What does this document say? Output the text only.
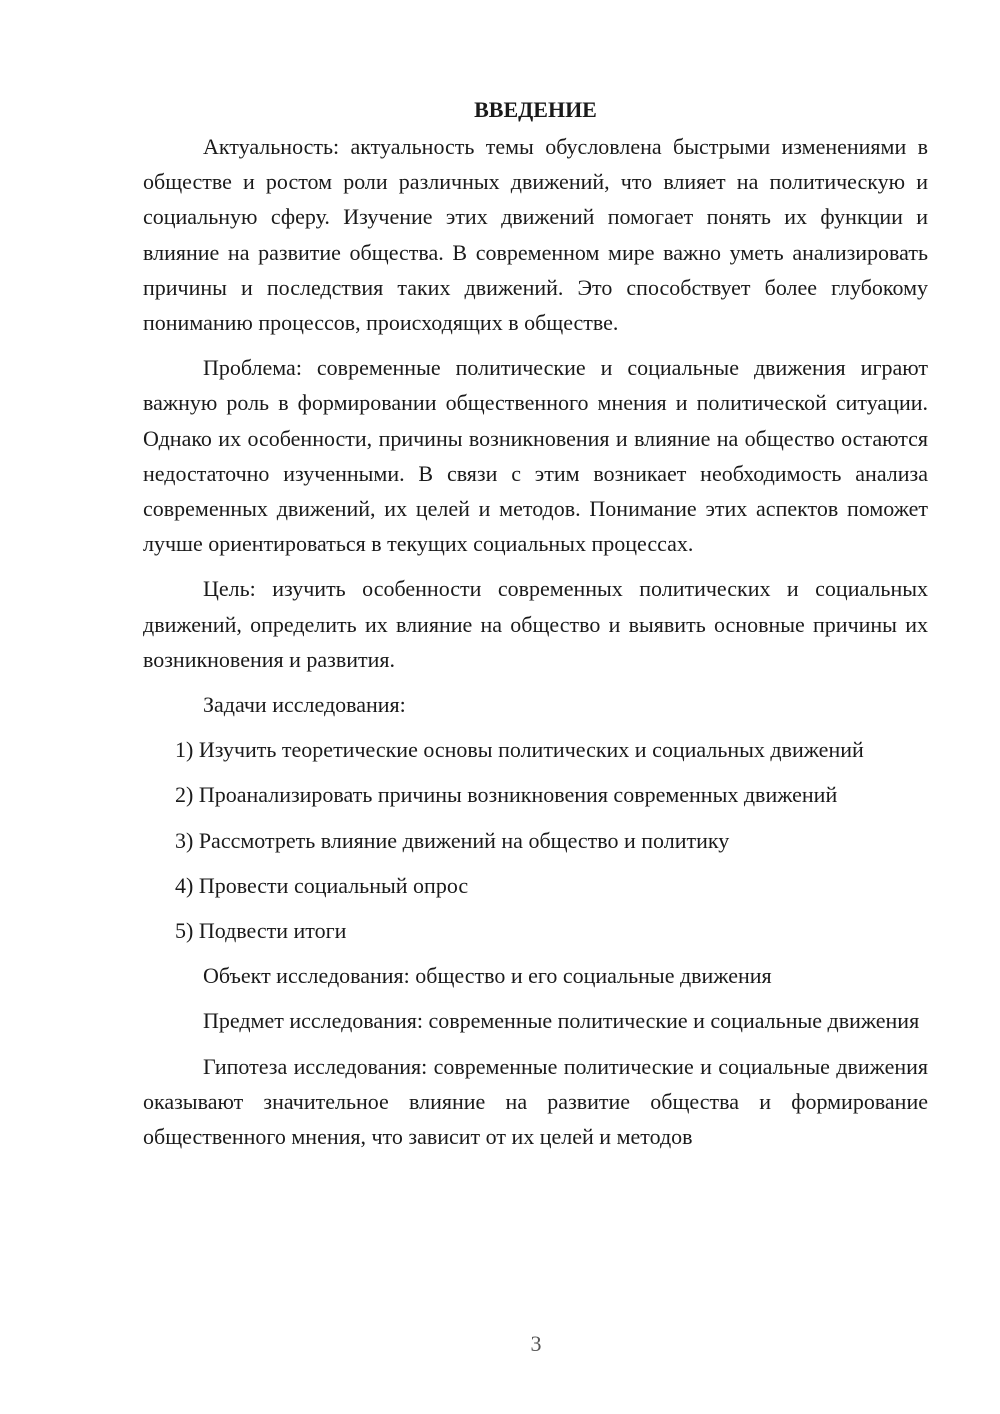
ВВЕДЕНИЕ

Актуальность: актуальность темы обусловлена быстрыми изменениями в обществе и ростом роли различных движений, что влияет на политическую и социальную сферу. Изучение этих движений помогает понять их функции и влияние на развитие общества. В современном мире важно уметь анализировать причины и последствия таких движений. Это способствует более глубокому пониманию процессов, происходящих в обществе.

Проблема: современные политические и социальные движения играют важную роль в формировании общественного мнения и политической ситуации. Однако их особенности, причины возникновения и влияние на общество остаются недостаточно изученными. В связи с этим возникает необходимость анализа современных движений, их целей и методов. Понимание этих аспектов поможет лучше ориентироваться в текущих социальных процессах.

Цель: изучить особенности современных политических и социальных движений, определить их влияние на общество и выявить основные причины их возникновения и развития.

Задачи исследования:

1) Изучить теоретические основы политических и социальных движений

2) Проанализировать причины возникновения современных движений

3) Рассмотреть влияние движений на общество и политику

4) Провести социальный опрос

5) Подвести итоги

Объект исследования: общество и его социальные движения

Предмет исследования: современные политические и социальные движения

Гипотеза исследования: современные политические и социальные движения оказывают значительное влияние на развитие общества и формирование общественного мнения, что зависит от их целей и методов

3
